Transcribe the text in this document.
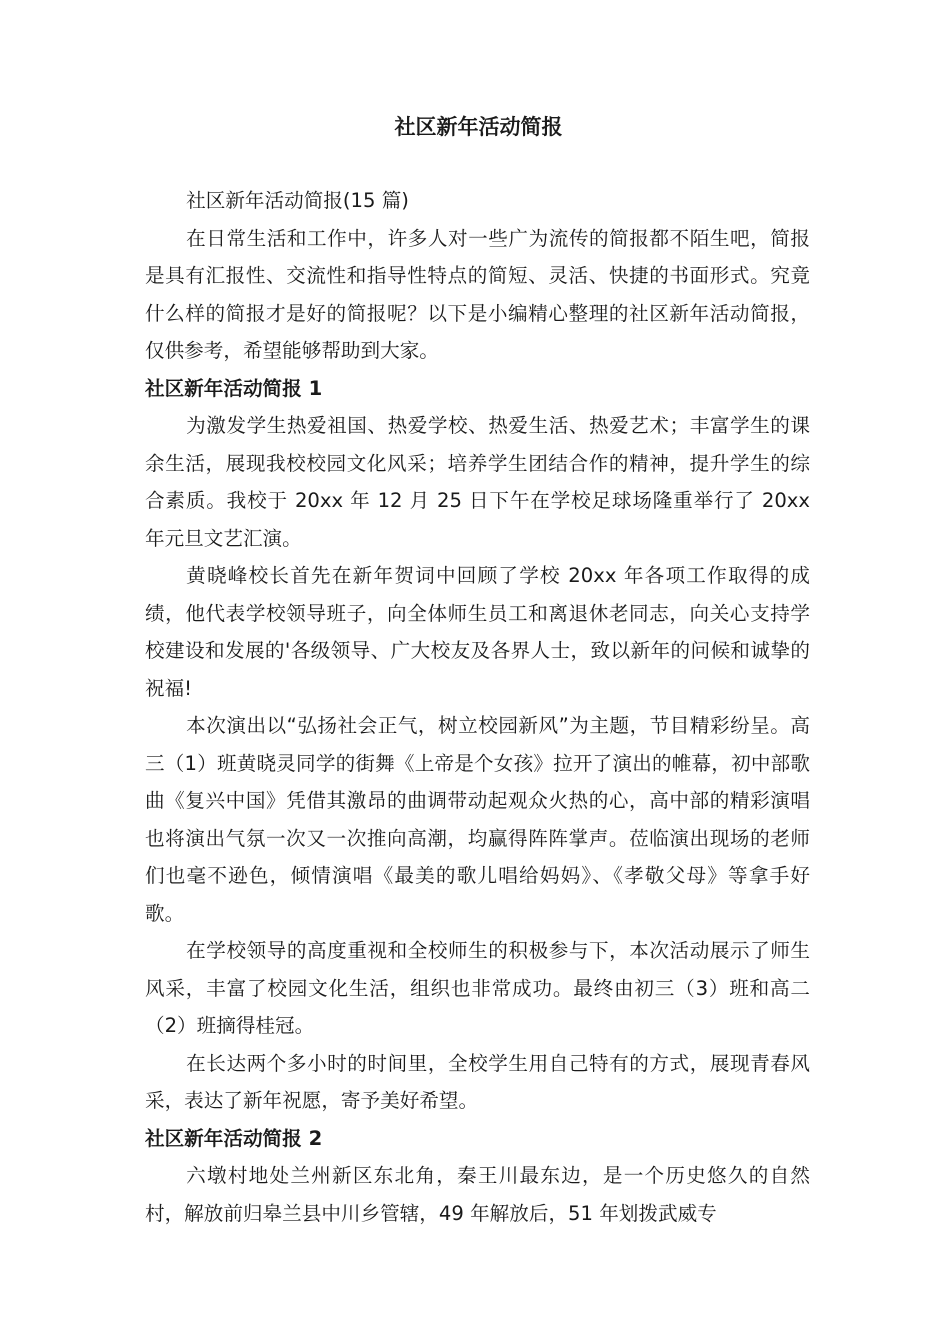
社区新年活动简报

社区新年活动简报(15 篇)

在日常生活和工作中，许多人对一些广为流传的简报都不陌生吧，简报是具有汇报性、交流性和指导性特点的简短、灵活、快捷的书面形式。究竟什么样的简报才是好的简报呢？以下是小编精心整理的社区新年活动简报，仅供参考，希望能够帮助到大家。

社区新年活动简报 1

为激发学生热爱祖国、热爱学校、热爱生活、热爱艺术；丰富学生的课余生活，展现我校校园文化风采；培养学生团结合作的精神，提升学生的综合素质。我校于 20xx 年 12 月 25 日下午在学校足球场隆重举行了 20xx 年元旦文艺汇演。

黄晓峰校长首先在新年贺词中回顾了学校 20xx 年各项工作取得的成绩，他代表学校领导班子，向全体师生员工和离退休老同志，向关心支持学校建设和发展的'各级领导、广大校友及各界人士，致以新年的问候和诚挚的祝福!

本次演出以“弘扬社会正气，树立校园新风”为主题，节目精彩纷呈。高三（1）班黄晓灵同学的街舞《上帝是个女孩》拉开了演出的帷幕，初中部歌曲《复兴中国》凭借其激昂的曲调带动起观众火热的心，高中部的精彩演唱也将演出气氛一次又一次推向高潮，均赢得阵阵掌声。莅临演出现场的老师们也毫不逊色，倾情演唱《最美的歌儿唱给妈妈》、《孝敬父母》等拿手好歌。

在学校领导的高度重视和全校师生的积极参与下，本次活动展示了师生风采，丰富了校园文化生活，组织也非常成功。最终由初三（3）班和高二（2）班摘得桂冠。

在长达两个多小时的时间里，全校学生用自己特有的方式，展现青春风采，表达了新年祝愿，寄予美好希望。

社区新年活动简报 2

六墩村地处兰州新区东北角，秦王川最东边，是一个历史悠久的自然村，解放前归皋兰县中川乡管辖，49 年解放后，51 年划拨武威专
